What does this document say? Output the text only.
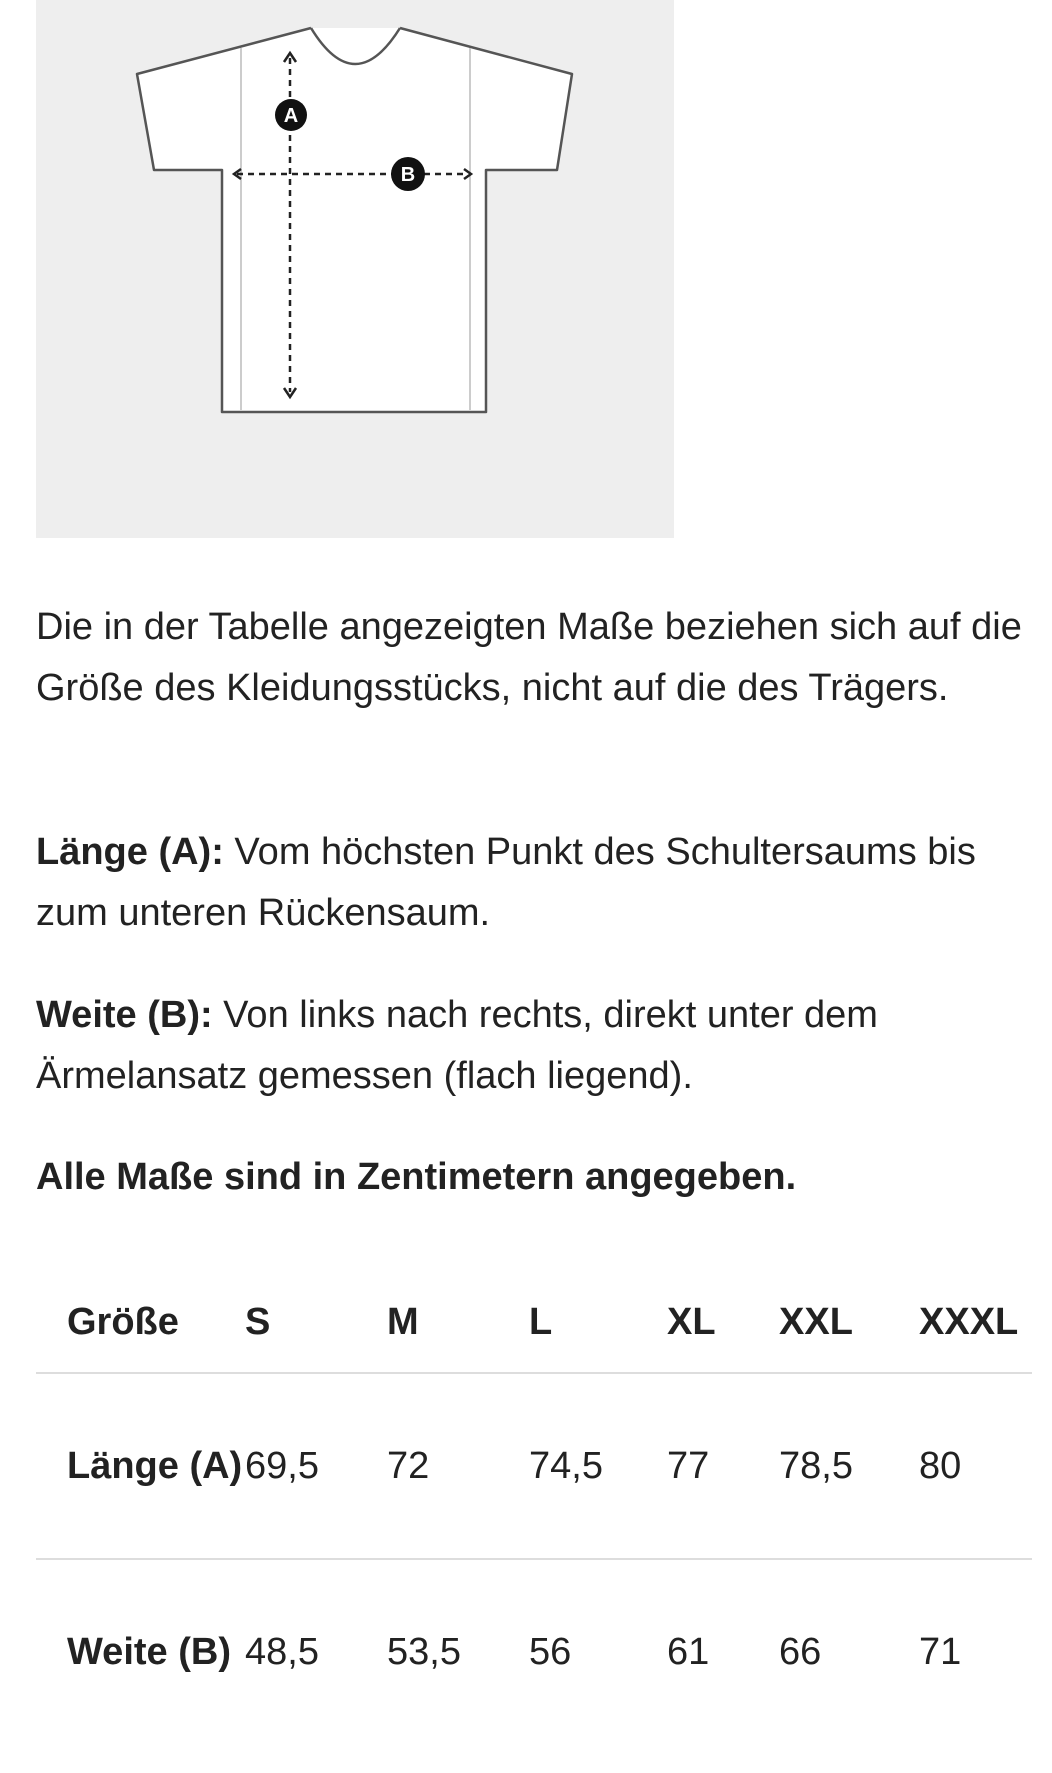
A
B

Die in der Tabelle angezeigten Maße beziehen sich auf die Größe des Kleidungsstücks, nicht auf die des Trägers.

Länge (A): Vom höchsten Punkt des Schultersaums bis zum unteren Rückensaum.

Weite (B): Von links nach rechts, direkt unter dem Ärmelansatz gemessen (flach liegend).

Alle Maße sind in Zentimetern angegeben.

Größe	S	M	L	XL	XXL	XXXL
Länge (A)	69,5	72	74,5	77	78,5	80
Weite (B)	48,5	53,5	56	61	66	71
